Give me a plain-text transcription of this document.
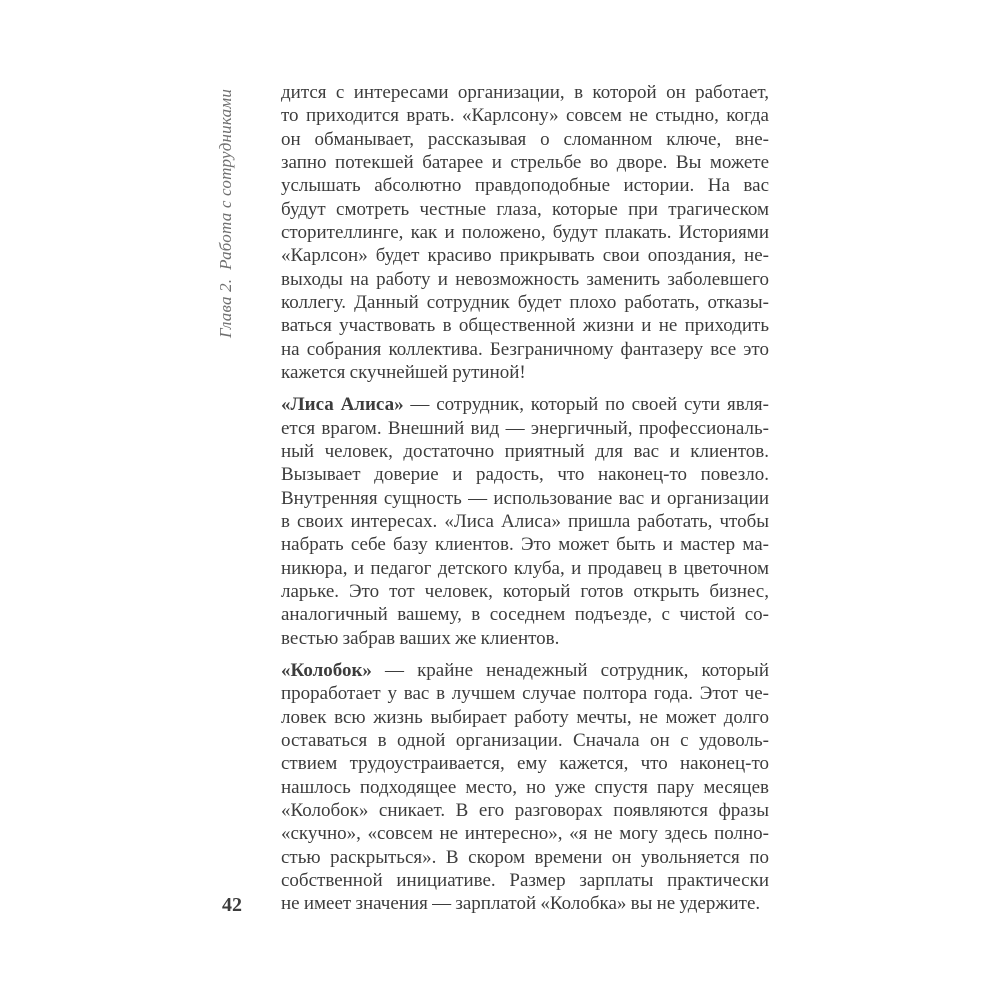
Глава 2.  Работа с сотрудниками
42
дится с интересами организации, в которой он работает,
то приходится врать. «Карлсону» совсем не стыдно, когда
он обманывает, рассказывая о сломанном ключе, вне-
запно потекшей батарее и стрельбе во дворе. Вы можете
услышать абсолютно правдоподобные истории. На вас
будут смотреть честные глаза, которые при трагическом
сторителлинге, как и положено, будут плакать. Историями
«Карлсон» будет красиво прикрывать свои опоздания, не-
выходы на работу и невозможность заменить заболевшего
коллегу. Данный сотрудник будет плохо работать, отказы-
ваться участвовать в общественной жизни и не приходить
на собрания коллектива. Безграничному фантазеру все это
кажется скучнейшей рутиной!
«Лиса Алиса» — сотрудник, который по своей сути явля-
ется врагом. Внешний вид — энергичный, профессиональ-
ный человек, достаточно приятный для вас и клиентов.
Вызывает доверие и радость, что наконец-то повезло.
Внутренняя сущность — использование вас и организации
в своих интересах. «Лиса Алиса» пришла работать, чтобы
набрать себе базу клиентов. Это может быть и мастер ма-
никюра, и педагог детского клуба, и продавец в цветочном
ларьке. Это тот человек, который готов открыть бизнес,
аналогичный вашему, в соседнем подъезде, с чистой со-
вестью забрав ваших же клиентов.
«Колобок» — крайне ненадежный сотрудник, который
проработает у вас в лучшем случае полтора года. Этот че-
ловек всю жизнь выбирает работу мечты, не может долго
оставаться в одной организации. Сначала он с удоволь-
ствием трудоустраивается, ему кажется, что наконец-то
нашлось подходящее место, но уже спустя пару месяцев
«Колобок» сникает. В его разговорах появляются фразы
«скучно», «совсем не интересно», «я не могу здесь полно-
стью раскрыться». В скором времени он увольняется по
собственной инициативе. Размер зарплаты практически
не имеет значения — зарплатой «Колобка» вы не удержите.
